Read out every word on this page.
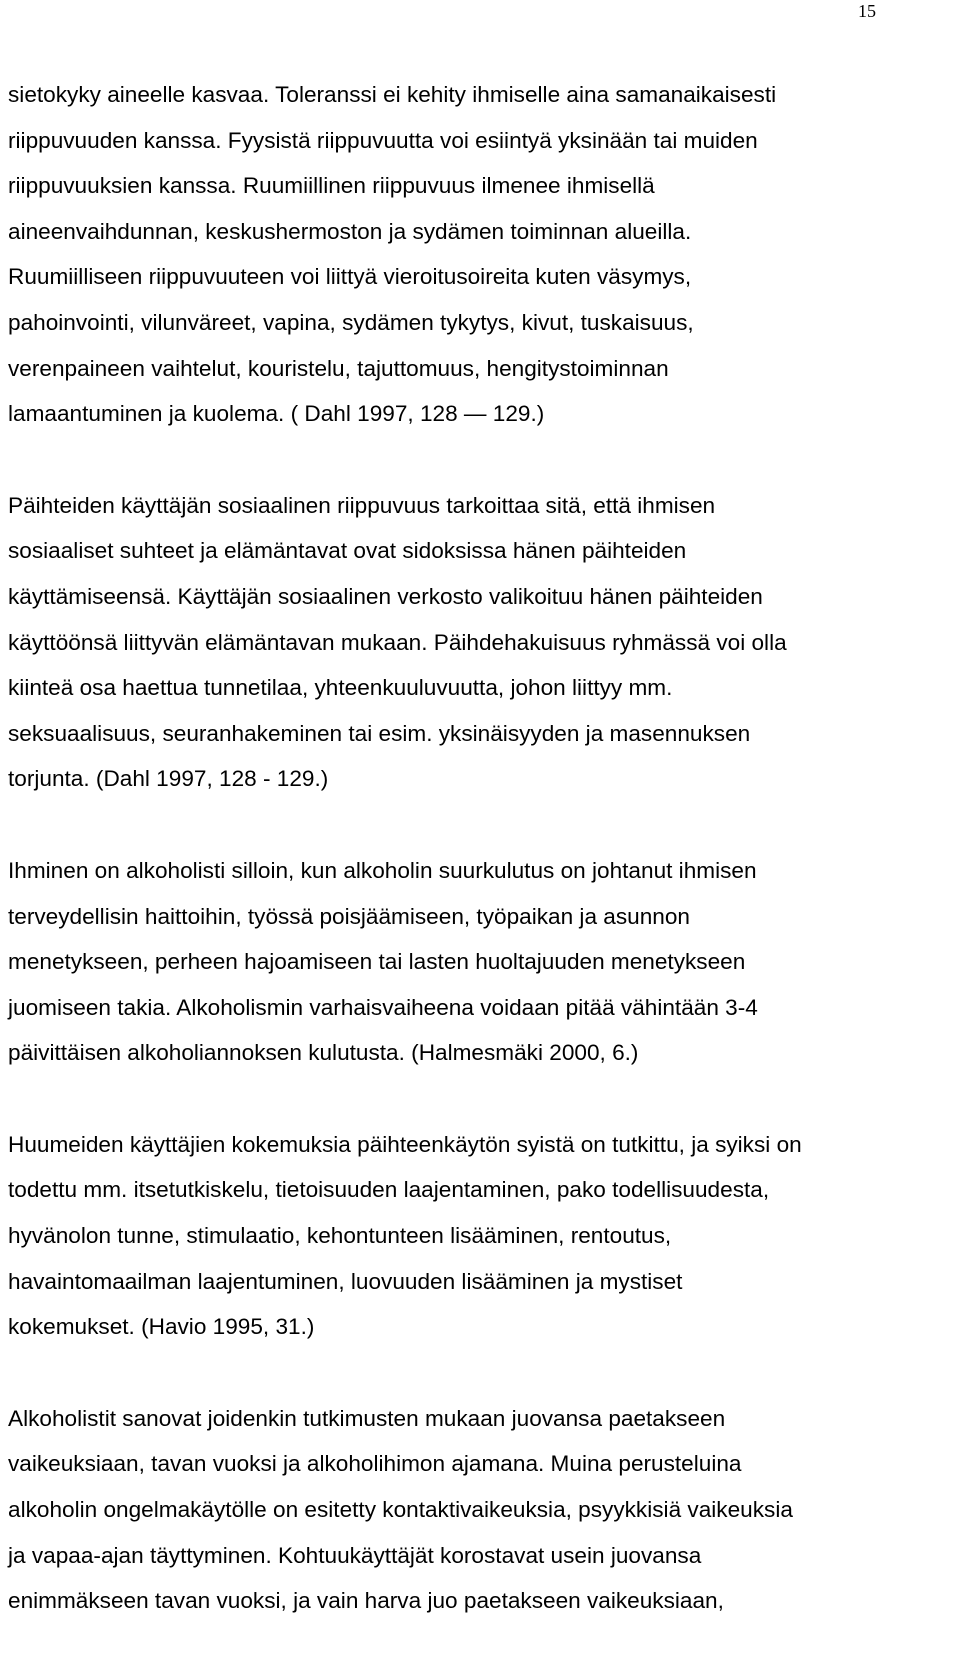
15
sietokyky aineelle kasvaa. Toleranssi ei kehity ihmiselle aina samanaikaisesti
riippuvuuden kanssa. Fyysistä riippuvuutta voi esiintyä yksinään tai muiden
riippuvuuksien kanssa. Ruumiillinen riippuvuus ilmenee ihmisellä
aineenvaihdunnan, keskushermoston ja sydämen toiminnan alueilla.
Ruumiilliseen riippuvuuteen voi liittyä vieroitusoireita kuten väsymys,
pahoinvointi, vilunväreet, vapina, sydämen tykytys, kivut, tuskaisuus,
verenpaineen vaihtelut, kouristelu, tajuttomuus, hengitystoiminnan
lamaantuminen ja kuolema. ( Dahl 1997, 128 — 129.)
Päihteiden käyttäjän sosiaalinen riippuvuus tarkoittaa sitä, että ihmisen
sosiaaliset suhteet ja elämäntavat ovat sidoksissa hänen päihteiden
käyttämiseensä. Käyttäjän sosiaalinen verkosto valikoituu hänen päihteiden
käyttöönsä liittyvän elämäntavan mukaan. Päihdehakuisuus ryhmässä voi olla
kiinteä osa haettua tunnetilaa, yhteenkuuluvuutta, johon liittyy mm.
seksuaalisuus, seuranhakeminen tai esim. yksinäisyyden ja masennuksen
torjunta. (Dahl 1997, 128 - 129.)
Ihminen on alkoholisti silloin, kun alkoholin suurkulutus on johtanut ihmisen
terveydellisin haittoihin, työssä poisjäämiseen, työpaikan ja asunnon
menetykseen, perheen hajoamiseen tai lasten huoltajuuden menetykseen
juomiseen takia. Alkoholismin varhaisvaiheena voidaan pitää vähintään 3-4
päivittäisen alkoholiannoksen kulutusta. (Halmesmäki 2000, 6.)
Huumeiden käyttäjien kokemuksia päihteenkäytön syistä on tutkittu, ja syiksi on
todettu mm. itsetutkiskelu, tietoisuuden laajentaminen, pako todellisuudesta,
hyvänolon tunne, stimulaatio, kehontunteen lisääminen, rentoutus,
havaintomaailman laajentuminen, luovuuden lisääminen ja mystiset
kokemukset. (Havio 1995, 31.)
Alkoholistit sanovat joidenkin tutkimusten mukaan juovansa paetakseen
vaikeuksiaan, tavan vuoksi ja alkoholihimon ajamana. Muina perusteluina
alkoholin ongelmakäytölle on esitetty kontaktivaikeuksia, psyykkisiä vaikeuksia
ja vapaa-ajan täyttyminen. Kohtuukäyttäjät korostavat usein juovansa
enimmäkseen tavan vuoksi, ja vain harva juo paetakseen vaikeuksiaan,
